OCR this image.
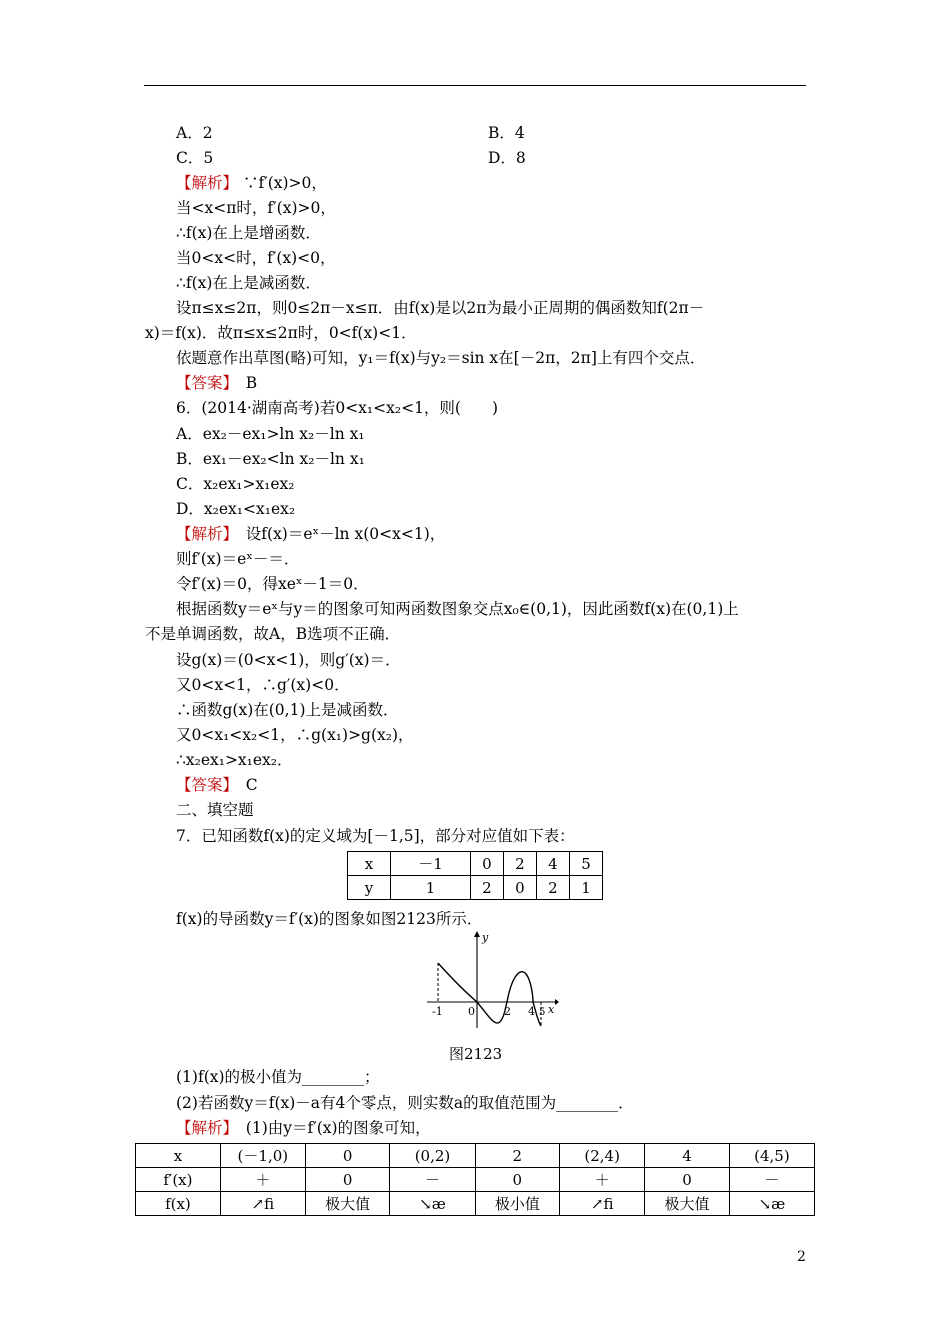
A．2	B．4
C．5	D．8
【解析】 ∵f′(x)>0，
当<x<π时，f′(x)>0，
∴f(x)在上是增函数．
当0<x<时，f′(x)<0，
∴f(x)在上是减函数．
设π≤x≤2π，则0≤2π－x≤π．由f(x)是以2π为最小正周期的偶函数知f(2π－
x)＝f(x)．故π≤x≤2π时，0<f(x)<1．
依题意作出草图(略)可知，y₁＝f(x)与y₂＝sin x在[－2π，2π]上有四个交点．
【答案】　 B
6．(2014·湖南高考)若0<x₁<x₂<1，则(　　)
A．ex₂－ex₁>ln x₂－ln x₁
B．ex₁－ex₂<ln x₂－ln x₁
C．x₂ex₁>x₁ex₂
D．x₂ex₁<x₁ex₂
【解析】　 设f(x)＝eˣ－ln x(0<x<1)，
则f′(x)＝eˣ－＝．
令f′(x)＝0，得xeˣ－1＝0．
根据函数y＝eˣ与y＝的图象可知两函数图象交点x₀∈(0,1)，因此函数f(x)在(0,1)上
不是单调函数，故A，B选项不正确．
设g(x)＝(0<x<1)，则g′(x)＝．
又0<x<1，∴g′(x)<0．
∴函数g(x)在(0,1)上是减函数．
又0<x₁<x₂<1，∴g(x₁)>g(x₂)，
∴x₂ex₁>x₁ex₂．
【答案】　 C
二、填空题
7．已知函数f(x)的定义域为[－1,5]，部分对应值如下表：
x	－1	0	2	4	5
y	1	2	0	2	1
f(x)的导函数y＝f′(x)的图象如图2123所示．
-1 0	2 4 5 x
y
图2123
(1)f(x)的极小值为________；
(2)若函数y＝f(x)－a有4个零点，则实数a的取值范围为________．
【解析】　 (1)由y＝f′(x)的图象可知，
x	(－1,0)	0	(0,2)	2	(2,4)	4	(4,5)
f′(x)	＋	0	－	0	＋	0	－
f(x)	↗ﬁ	极大值	↘æ	极小值	↗ﬁ	极大值	↘æ
2
